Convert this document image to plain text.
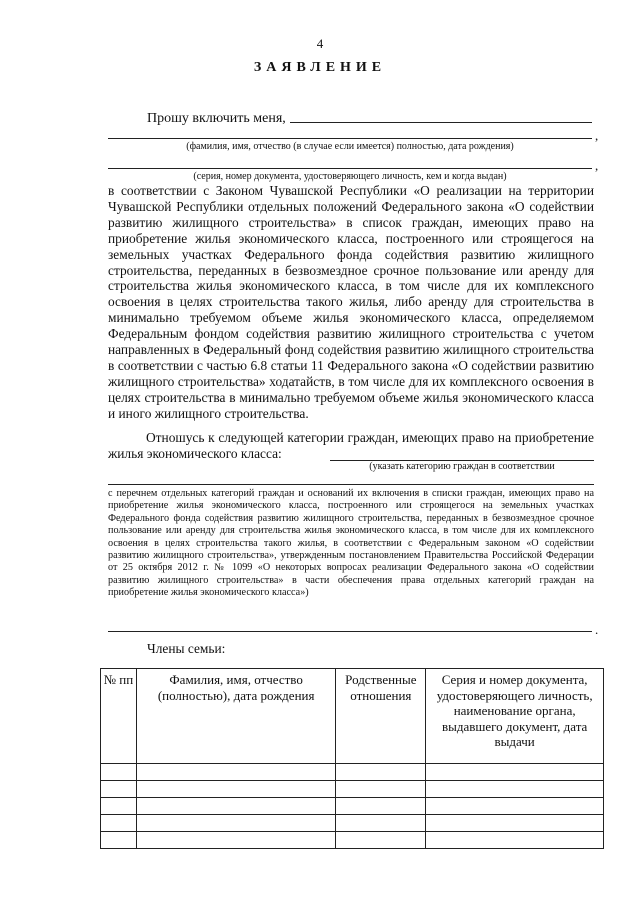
4
ЗАЯВЛЕНИЕ
Прошу включить меня,
,
(фамилия, имя, отчество (в случае если имеется) полностью, дата рождения)
,
(серия, номер документа, удостоверяющего личность, кем и когда выдан)

в соответствии с Законом Чувашской Республики «О реализации на территории Чувашской Республики отдельных положений Федерального закона «О содействии развитию жилищного строительства» в список граждан, имеющих право на приобретение жилья экономического класса, построенного или строящегося на земельных участках Федерального фонда содействия развитию жилищного строительства, переданных в безвозмездное срочное пользование или аренду для строительства жилья экономического класса, в том числе для их комплексного освоения в целях строительства такого жилья, либо аренду для строительства в минимально требуемом объеме жилья экономического класса, определяемом Федеральным фондом содействия развитию жилищного строительства с учетом направленных в Федеральный фонд содействия развитию жилищного строительства в соответствии с частью 6.8 статьи 11 Федерального закона «О содействии развитию жилищного строительства» ходатайств, в том числе для их комплексного освоения в целях строительства в минимально требуемом объеме жилья экономического класса и иного жилищного строительства.

Отношусь к следующей категории граждан, имеющих право на приобретение жилья экономического класса:

(указать категорию граждан в соответствии

с перечнем отдельных категорий граждан и оснований их включения в списки граждан, имеющих право на приобретение жилья экономического класса, построенного или строящегося на земельных участках Федерального фонда содействия развитию жилищного строительства, переданных в безвозмездное срочное пользование или аренду для строительства жилья экономического класса, в том числе для их комплексного освоения в целях строительства такого жилья, в соответствии с Федеральным законом «О содействии развитию жилищного строительства», утвержденным постановлением Правительства Российской Федерации от 25 октября 2012 г. № 1099 «О некоторых вопросах реализации Федерального закона «О содействии развитию жилищного строительства» в части обеспечения права отдельных категорий граждан на приобретение жилья экономического класса»)

.
Члены семьи:
№ пп	Фамилия, имя, отчество (полностью), дата рождения	Родственные отношения	Серия и номер документа, удостоверяющего личность, наименование органа, выдавшего документ, дата выдачи
